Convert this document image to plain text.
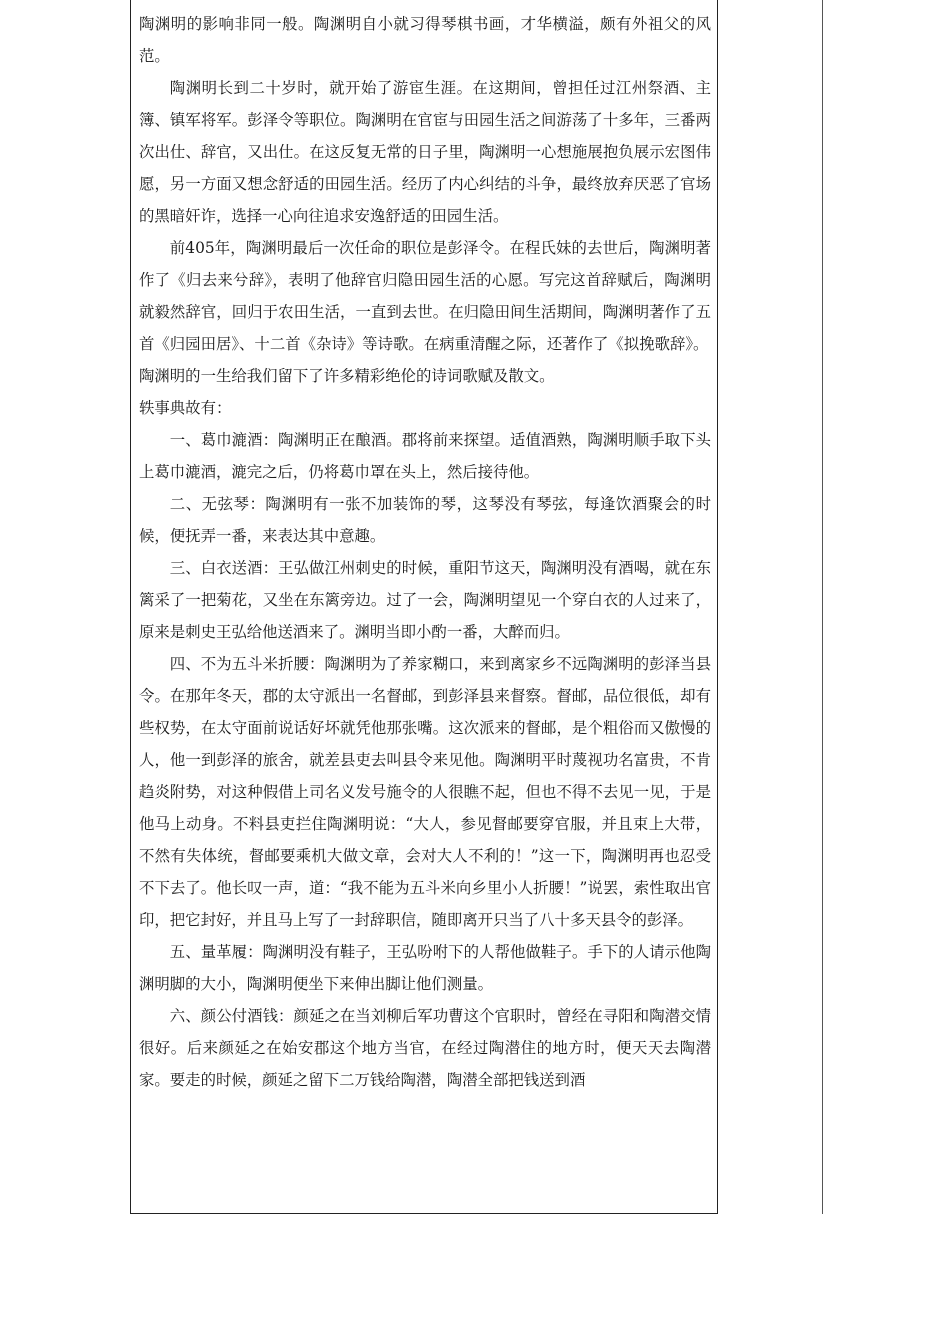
陶渊明的影响非同一般。陶渊明自小就习得琴棋书画，才华横溢，颇有外祖父的风范。

陶渊明长到二十岁时，就开始了游宦生涯。在这期间，曾担任过江州祭酒、主簿、镇军将军。彭泽令等职位。陶渊明在官宦与田园生活之间游荡了十多年，三番两次出仕、辞官，又出仕。在这反复无常的日子里，陶渊明一心想施展抱负展示宏图伟愿，另一方面又想念舒适的田园生活。经历了内心纠结的斗争，最终放弃厌恶了官场的黑暗奸诈，选择一心向往追求安逸舒适的田园生活。

前405年，陶渊明最后一次任命的职位是彭泽令。在程氏妹的去世后，陶渊明著作了《归去来兮辞》，表明了他辞官归隐田园生活的心愿。写完这首辞赋后，陶渊明就毅然辞官，回归于农田生活，一直到去世。在归隐田间生活期间，陶渊明著作了五首《归园田居》、十二首《杂诗》等诗歌。在病重清醒之际，还著作了《拟挽歌辞》。

陶渊明的一生给我们留下了许多精彩绝伦的诗词歌赋及散文。

轶事典故有：

一、葛巾漉酒：陶渊明正在酿酒。郡将前来探望。适值酒熟，陶渊明顺手取下头上葛巾漉酒，漉完之后，仍将葛巾罩在头上，然后接待他。

二、无弦琴：陶渊明有一张不加装饰的琴，这琴没有琴弦，每逢饮酒聚会的时候，便抚弄一番，来表达其中意趣。

三、白衣送酒：王弘做江州刺史的时候，重阳节这天，陶渊明没有酒喝，就在东篱采了一把菊花，又坐在东篱旁边。过了一会，陶渊明望见一个穿白衣的人过来了，原来是刺史王弘给他送酒来了。渊明当即小酌一番，大醉而归。

四、不为五斗米折腰：陶渊明为了养家糊口，来到离家乡不远陶渊明的彭泽当县令。在那年冬天，郡的太守派出一名督邮，到彭泽县来督察。督邮，品位很低，却有些权势，在太守面前说话好坏就凭他那张嘴。这次派来的督邮，是个粗俗而又傲慢的人，他一到彭泽的旅舍，就差县吏去叫县令来见他。陶渊明平时蔑视功名富贵，不肯趋炎附势，对这种假借上司名义发号施令的人很瞧不起，但也不得不去见一见，于是他马上动身。不料县吏拦住陶渊明说：“大人，参见督邮要穿官服，并且束上大带，不然有失体统，督邮要乘机大做文章，会对大人不利的！”这一下，陶渊明再也忍受不下去了。他长叹一声，道：“我不能为五斗米向乡里小人折腰！”说罢，索性取出官印，把它封好，并且马上写了一封辞职信，随即离开只当了八十多天县令的彭泽。

五、量革履：陶渊明没有鞋子，王弘吩咐下的人帮他做鞋子。手下的人请示他陶渊明脚的大小，陶渊明便坐下来伸出脚让他们测量。

六、颜公付酒钱：颜延之在当刘柳后军功曹这个官职时，曾经在寻阳和陶潜交情很好。后来颜延之在始安郡这个地方当官，在经过陶潜住的地方时，便天天去陶潜家。要走的时候，颜延之留下二万钱给陶潜，陶潜全部把钱送到酒
